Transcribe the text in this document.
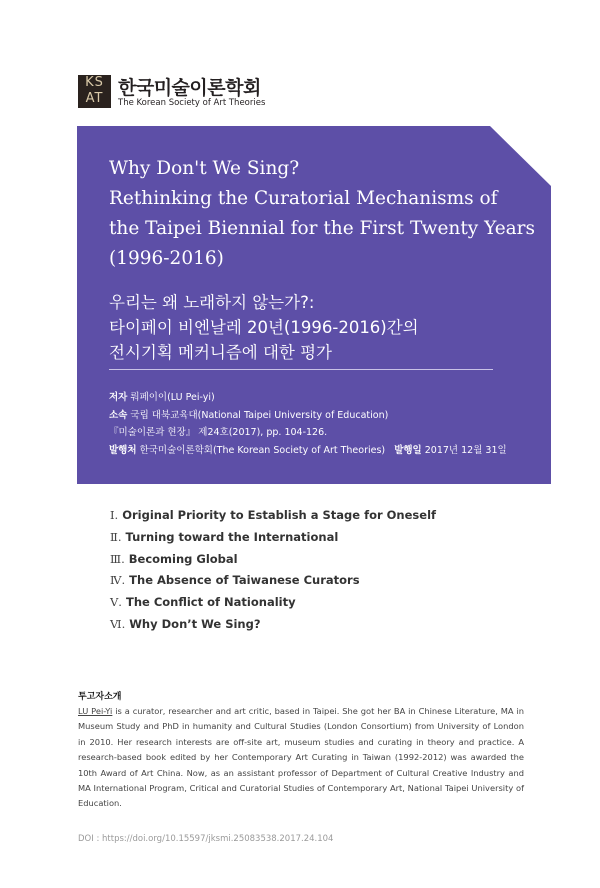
KS
AT 한국미술이론학회
The Korean Society of Art Theories
Why Don't We Sing?
Rethinking the Curatorial Mechanisms of
the Taipei Biennial for the First Twenty Years
(1996-2016)
우리는 왜 노래하지 않는가?:
타이페이 비엔날레 20년(1996-2016)간의
전시기획 메커니즘에 대한 평가
저자 뤄페이이(LU Pei-yi)
소속 국립 대북교육대(National Taipei University of Education)
『미술이론과 현장』 제24호(2017), pp. 104-126.
발행처 한국미술이론학회(The Korean Society of Art Theories) 발행일 2017년 12월 31일
Ⅰ. Original Priority to Establish a Stage for Oneself
Ⅱ. Turning toward the International
Ⅲ. Becoming Global
Ⅳ. The Absence of Taiwanese Curators
Ⅴ. The Conflict of Nationality
Ⅵ. Why Don’t We Sing?
투고자소개
LU Pei-Yi is a curator, researcher and art critic, based in Taipei. She got her BA in Chinese Literature, MA in Museum Study and PhD in humanity and Cultural Studies (London Consortium) from University of London in 2010. Her research interests are off-site art, museum studies and curating in theory and practice. A research-based book edited by her Contemporary Art Curating in Taiwan (1992-2012) was awarded the 10th Award of Art China. Now, as an assistant professor of Department of Cultural Creative Industry and MA International Program, Critical and Curatorial Studies of Contemporary Art, National Taipei University of Education.
DOI : https://doi.org/10.15597/jksmi.25083538.2017.24.104
